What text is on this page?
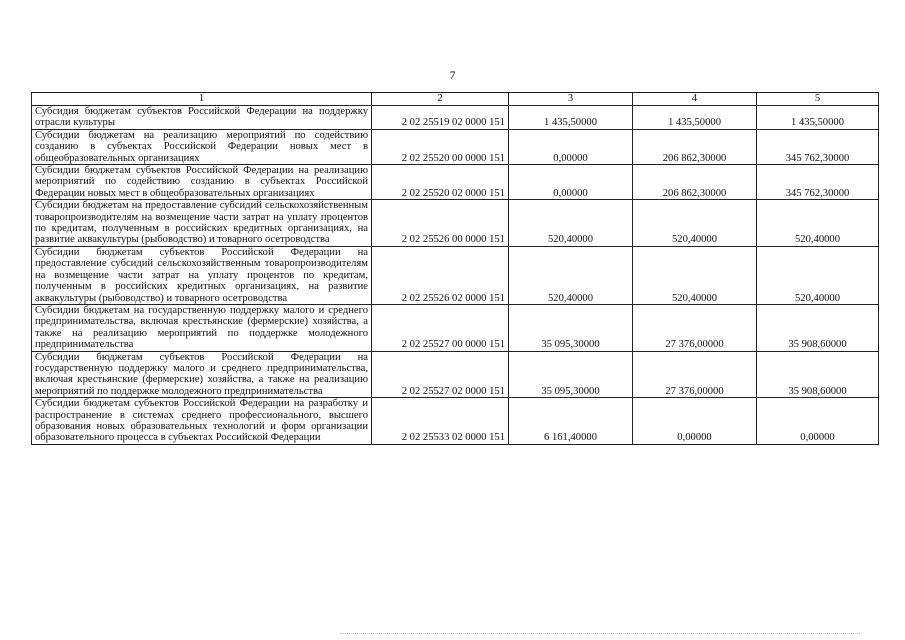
7
1	2	3	4	5
Субсидия бюджетам субъектов Российской Федерации на поддержку отрасли культуры	2 02 25519 02 0000 151	1 435,50000	1 435,50000	1 435,50000
Субсидии бюджетам на реализацию мероприятий по содействию созданию в субъектах Российской Федерации новых мест в общеобразовательных организациях	2 02 25520 00 0000 151	0,00000	206 862,30000	345 762,30000
Субсидии бюджетам субъектов Российской Федерации на реализацию мероприятий по содействию созданию в субъектах Российской Федерации новых мест в общеобразовательных организациях	2 02 25520 02 0000 151	0,00000	206 862,30000	345 762,30000
Субсидии бюджетам на предоставление субсидий сельскохозяйственным товаропроизводителям на возмещение части затрат на уплату процентов по кредитам, полученным в российских кредитных организациях, на развитие аквакультуры (рыбоводство) и товарного осетроводства	2 02 25526 00 0000 151	520,40000	520,40000	520,40000
Субсидии бюджетам субъектов Российской Федерации на предоставление субсидий сельскохозяйственным товаропроизводителям на возмещение части затрат на уплату процентов по кредитам, полученным в российских кредитных организациях, на развитие аквакультуры (рыбоводство) и товарного осетроводства	2 02 25526 02 0000 151	520,40000	520,40000	520,40000
Субсидии бюджетам на государственную поддержку малого и среднего предпринимательства, включая крестьянские (фермерские) хозяйства, а также на реализацию мероприятий по поддержке молодежного предпринимательства	2 02 25527 00 0000 151	35 095,30000	27 376,00000	35 908,60000
Субсидии бюджетам субъектов Российской Федерации на государственную поддержку малого и среднего предпринимательства, включая крестьянские (фермерские) хозяйства, а также на реализацию мероприятий по поддержке молодежного предпринимательства	2 02 25527 02 0000 151	35 095,30000	27 376,00000	35 908,60000
Субсидии бюджетам субъектов Российской Федерации на разработку и распространение в системах среднего профессионального, высшего образования новых образовательных технологий и форм организации образовательного процесса в субъектах Российской Федерации	2 02 25533 02 0000 151	6 161,40000	0,00000	0,00000
